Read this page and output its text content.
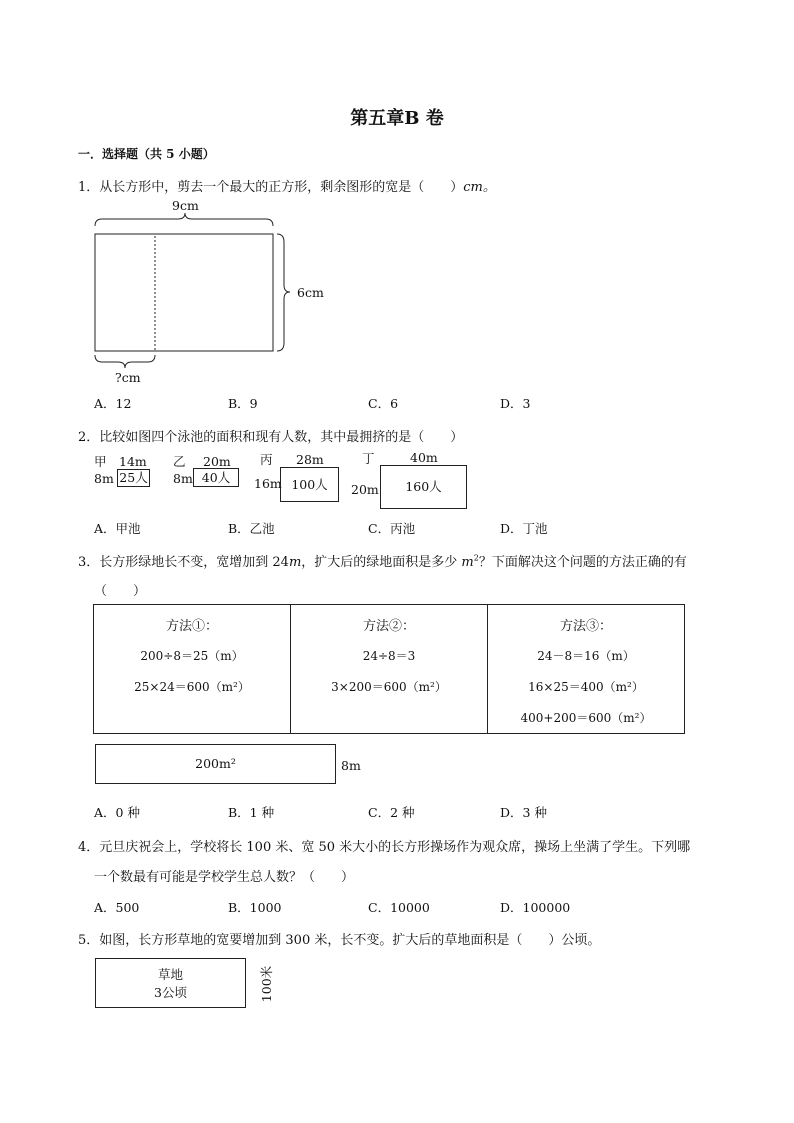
第五章B 卷
一．选择题（共 5 小题）
1．从长方形中，剪去一个最大的正方形，剩余图形的宽是（　　）cm。
9cm
6cm
?cm
A．12	B．9	C．6	D．3
2．比较如图四个泳池的面积和现有人数，其中最拥挤的是（　　）
甲 14m
8m 25人
乙 20m
8m 40人
丙 28m
16m 100人
丁	40m
20m	160人
A．甲池	B．乙池	C．丙池	D．丁池
3．长方形绿地长不变，宽增加到 24m，扩大后的绿地面积是多少 $m^2$？下面解决这个问题的方法正确的有
（　　）
方法①：
200÷8＝25（m）
25×24＝600（m²）
方法②：
24÷8＝3
3×200＝600（m²）
方法③：
24－8＝16（m）
16×25＝400（m²）
400+200＝600（m²）
200m²	8m
A．0 种	B．1 种	C．2 种	D．3 种
4．元旦庆祝会上，学校将长 100 米、宽 50 米大小的长方形操场作为观众席，操场上坐满了学生。下列哪
一个数最有可能是学校学生总人数？（　　）
A．500	B．1000	C．10000	D．100000
5．如图，长方形草地的宽要增加到 300 米，长不变。扩大后的草地面积是（　　）公顷。
草地
3公顷	100米
